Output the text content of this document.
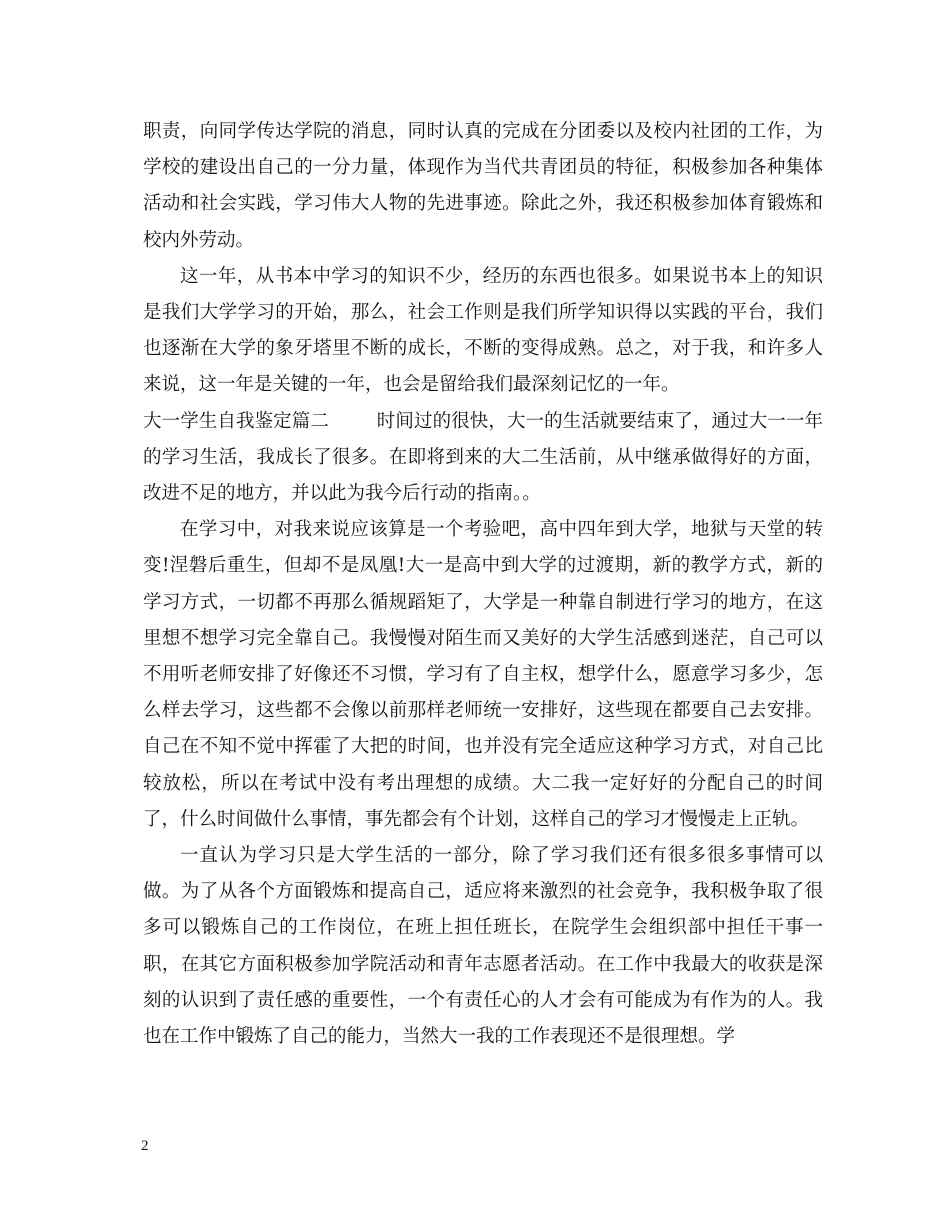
职责，向同学传达学院的消息，同时认真的完成在分团委以及校内社团的工作，为学校的建设出自己的一分力量，体现作为当代共青团员的特征，积极参加各种集体活动和社会实践，学习伟大人物的先进事迹。除此之外，我还积极参加体育锻炼和校内外劳动。

这一年，从书本中学习的知识不少，经历的东西也很多。如果说书本上的知识是我们大学学习的开始，那么，社会工作则是我们所学知识得以实践的平台，我们也逐渐在大学的象牙塔里不断的成长，不断的变得成熟。总之，对于我，和许多人来说，这一年是关键的一年，也会是留给我们最深刻记忆的一年。

大一学生自我鉴定篇二	时间过的很快，大一的生活就要结束了，通过大一一年的学习生活，我成长了很多。在即将到来的大二生活前，从中继承做得好的方面，改进不足的地方，并以此为我今后行动的指南。。

在学习中，对我来说应该算是一个考验吧，高中四年到大学，地狱与天堂的转变!涅磐后重生，但却不是凤凰!大一是高中到大学的过渡期，新的教学方式，新的学习方式，一切都不再那么循规蹈矩了，大学是一种靠自制进行学习的地方，在这里想不想学习完全靠自己。我慢慢对陌生而又美好的大学生活感到迷茫，自己可以不用听老师安排了好像还不习惯，学习有了自主权，想学什么，愿意学习多少，怎么样去学习，这些都不会像以前那样老师统一安排好，这些现在都要自己去安排。自己在不知不觉中挥霍了大把的时间，也并没有完全适应这种学习方式，对自己比较放松，所以在考试中没有考出理想的成绩。大二我一定好好的分配自己的时间了，什么时间做什么事情，事先都会有个计划，这样自己的学习才慢慢走上正轨。

一直认为学习只是大学生活的一部分，除了学习我们还有很多很多事情可以做。为了从各个方面锻炼和提高自己，适应将来激烈的社会竞争，我积极争取了很多可以锻炼自己的工作岗位，在班上担任班长，在院学生会组织部中担任干事一职，在其它方面积极参加学院活动和青年志愿者活动。在工作中我最大的收获是深刻的认识到了责任感的重要性，一个有责任心的人才会有可能成为有作为的人。我也在工作中锻炼了自己的能力，当然大一我的工作表现还不是很理想。学

2
